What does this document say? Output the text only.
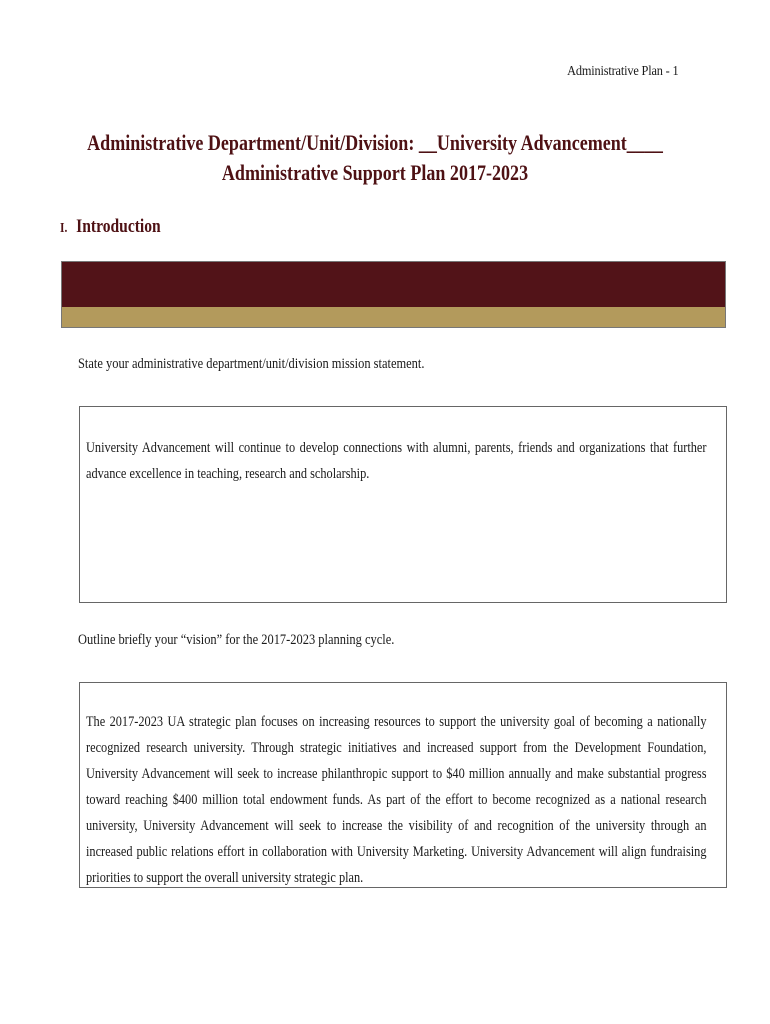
Administrative Plan - 1
Administrative Department/Unit/Division: __University Advancement____
Administrative Support Plan 2017-2023
I. Introduction
State your administrative department/unit/division mission statement.
University Advancement will continue to develop connections with alumni, parents, friends and organizations that further advance excellence in teaching, research and scholarship.
Outline briefly your “vision” for the 2017-2023 planning cycle.
The 2017-2023 UA strategic plan focuses on increasing resources to support the university goal of becoming a nationally recognized research university. Through strategic initiatives and increased support from the Development Foundation, University Advancement will seek to increase philanthropic support to $40 million annually and make substantial progress toward reaching $400 million total endowment funds. As part of the effort to become recognized as a national research university, University Advancement will seek to increase the visibility of and recognition of the university through an increased public relations effort in collaboration with University Marketing. University Advancement will align fundraising priorities to support the overall university strategic plan.
